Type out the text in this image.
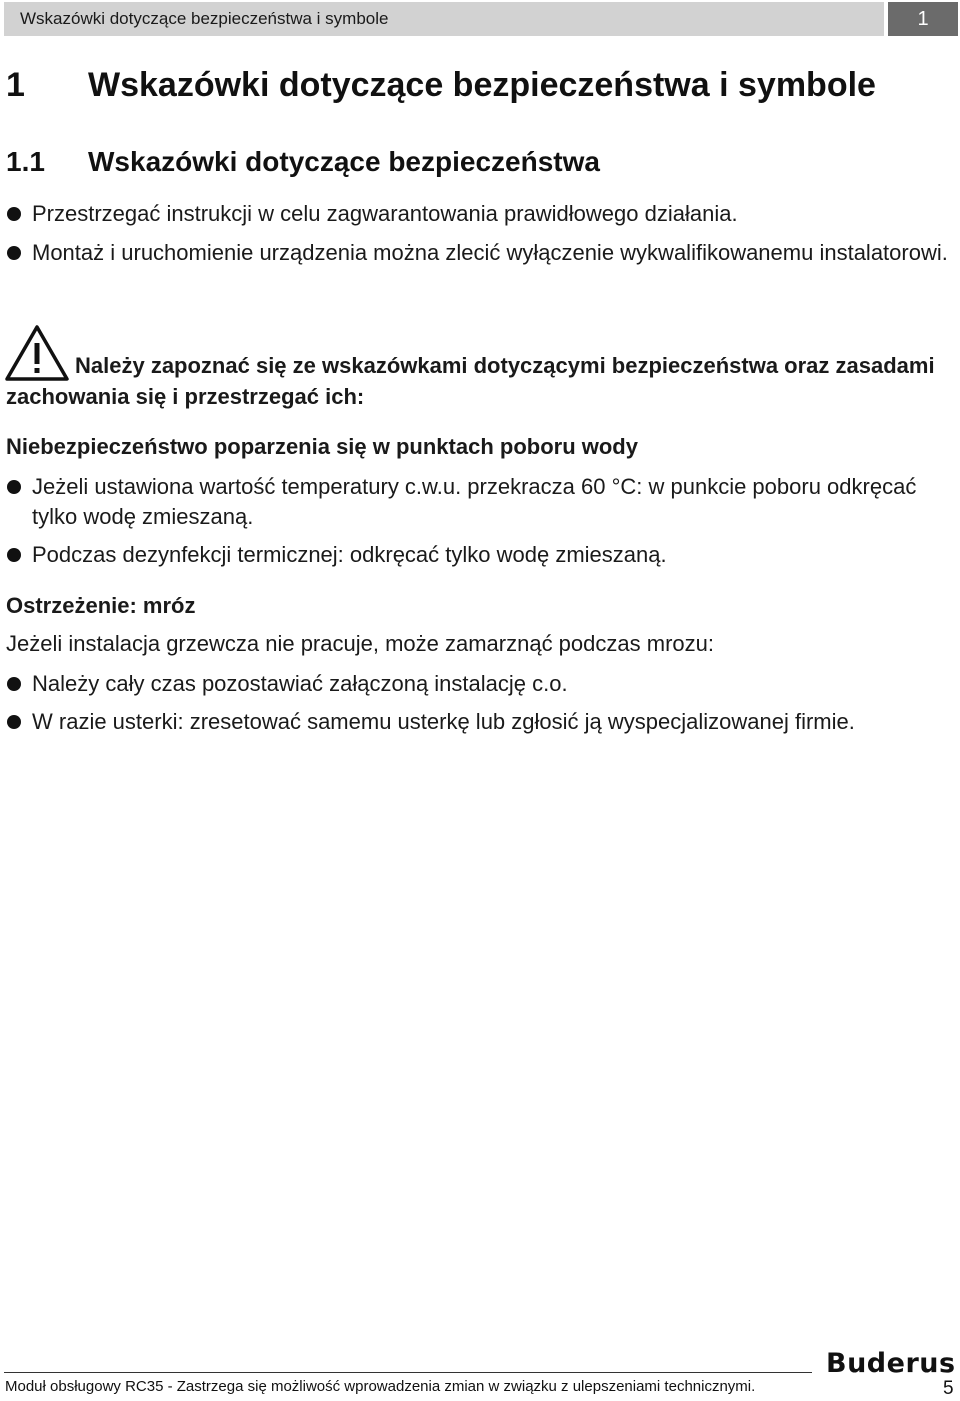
Wskazówki dotyczące bezpieczeństwa i symbole	1
1 Wskazówki dotyczące bezpieczeństwa i symbole
1.1 Wskazówki dotyczące bezpieczeństwa
Przestrzegać instrukcji w celu zagwarantowania prawidłowego działania.
Montaż i uruchomienie urządzenia można zlecić wyłączenie wykwalifikowanemu instalatorowi.
Należy zapoznać się ze wskazówkami dotyczącymi bezpieczeństwa oraz zasadami zachowania się i przestrzegać ich:
Niebezpieczeństwo poparzenia się w punktach poboru wody
Jeżeli ustawiona wartość temperatury c.w.u. przekracza 60 °C: w punkcie poboru odkręcać tylko wodę zmieszaną.
Podczas dezynfekcji termicznej: odkręcać tylko wodę zmieszaną.
Ostrzeżenie: mróz
Jeżeli instalacja grzewcza nie pracuje, może zamarznąć podczas mrozu:
Należy cały czas pozostawiać załączoną instalację c.o.
W razie usterki: zresetować samemu usterkę lub zgłosić ją wyspecjalizowanej firmie.
Buderus
Moduł obsługowy RC35 - Zastrzega się możliwość wprowadzenia zmian w związku z ulepszeniami technicznymi.	5
